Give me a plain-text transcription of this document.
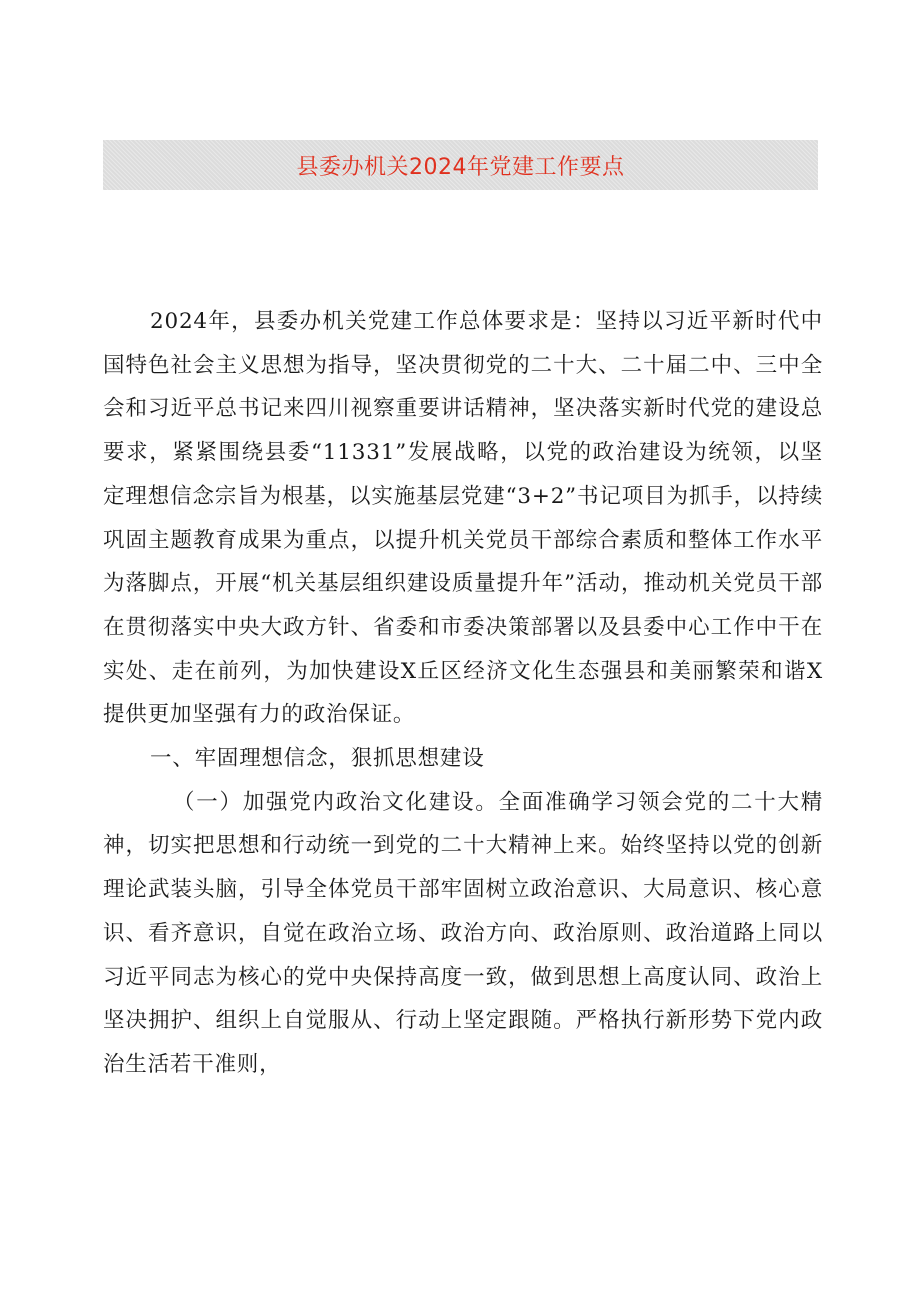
县委办机关2024年党建工作要点

2024年，县委办机关党建工作总体要求是：坚持以习近平新时代中国特色社会主义思想为指导，坚决贯彻党的二十大、二十届二中、三中全会和习近平总书记来四川视察重要讲话精神，坚决落实新时代党的建设总要求，紧紧围绕县委“11331”发展战略，以党的政治建设为统领，以坚定理想信念宗旨为根基，以实施基层党建“3+2”书记项目为抓手，以持续巩固主题教育成果为重点，以提升机关党员干部综合素质和整体工作水平为落脚点，开展“机关基层组织建设质量提升年”活动，推动机关党员干部在贯彻落实中央大政方针、省委和市委决策部署以及县委中心工作中干在实处、走在前列，为加快建设X丘区经济文化生态强县和美丽繁荣和谐X提供更加坚强有力的政治保证。

一、牢固理想信念，狠抓思想建设

（一）加强党内政治文化建设。全面准确学习领会党的二十大精神，切实把思想和行动统一到党的二十大精神上来。始终坚持以党的创新理论武装头脑，引导全体党员干部牢固树立政治意识、大局意识、核心意识、看齐意识，自觉在政治立场、政治方向、政治原则、政治道路上同以习近平同志为核心的党中央保持高度一致，做到思想上高度认同、政治上坚决拥护、组织上自觉服从、行动上坚定跟随。严格执行新形势下党内政治生活若干准则，
